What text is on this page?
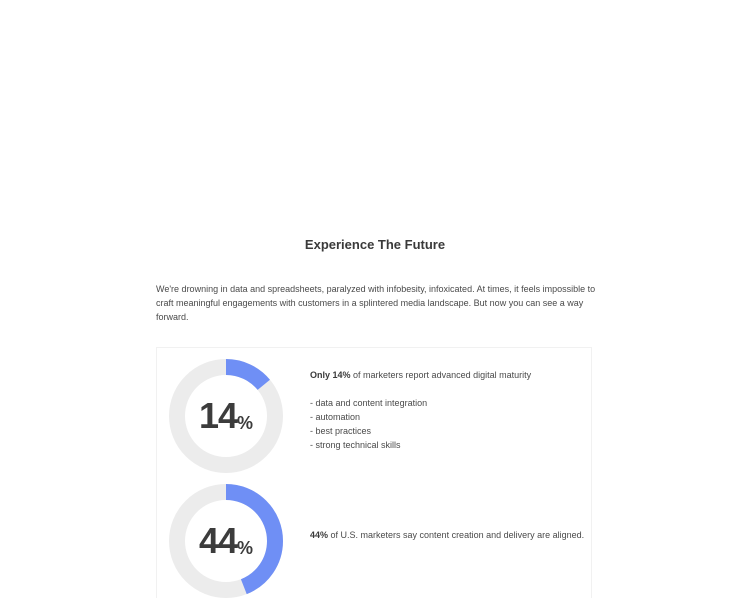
Experience The Future

We're drowning in data and spreadsheets, paralyzed with infobesity, infoxicated. At times, it feels impossible to craft meaningful engagements with customers in a splintered media landscape. But now you can see a way forward.

14 %
Only 14% of marketers report advanced digital maturity
- data and content integration
- automation
- best practices
- strong technical skills
44 %
44% of U.S. marketers say content creation and delivery are aligned.
